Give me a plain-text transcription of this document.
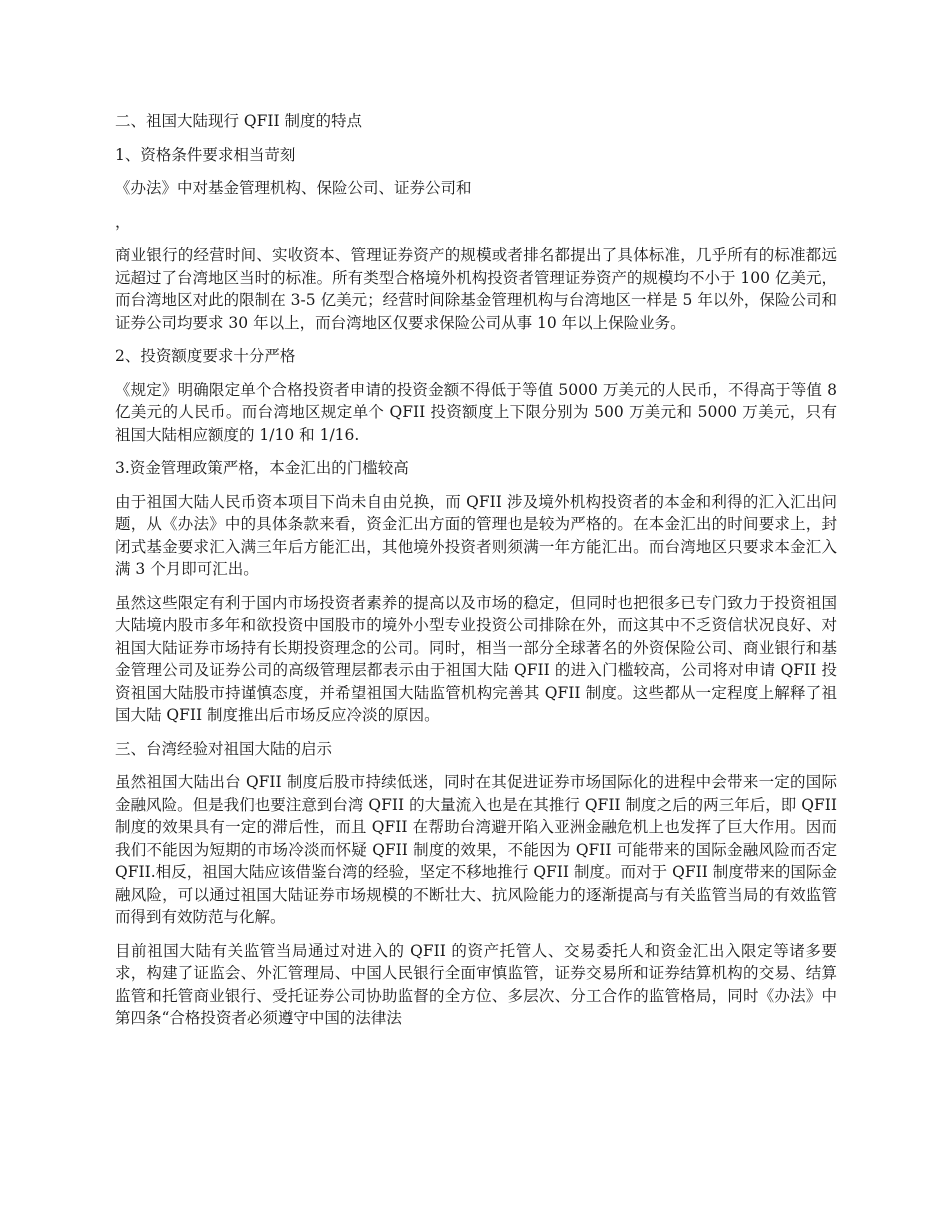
二、祖国大陆现行 QFII 制度的特点

1、资格条件要求相当苛刻

《办法》中对基金管理机构、保险公司、证券公司和

，

商业银行的经营时间、实收资本、管理证券资产的规模或者排名都提出了具体标准，几乎所有的标准都远远超过了台湾地区当时的标准。所有类型合格境外机构投资者管理证券资产的规模均不小于 100 亿美元，而台湾地区对此的限制在 3-5 亿美元；经营时间除基金管理机构与台湾地区一样是 5 年以外，保险公司和证券公司均要求 30 年以上，而台湾地区仅要求保险公司从事 10 年以上保险业务。

2、投资额度要求十分严格

《规定》明确限定单个合格投资者申请的投资金额不得低于等值 5000 万美元的人民币，不得高于等值 8 亿美元的人民币。而台湾地区规定单个 QFII 投资额度上下限分别为 500 万美元和 5000 万美元，只有祖国大陆相应额度的 1/10 和 1/16.

3.资金管理政策严格，本金汇出的门槛较高

由于祖国大陆人民币资本项目下尚未自由兑换，而 QFII 涉及境外机构投资者的本金和利得的汇入汇出问题，从《办法》中的具体条款来看，资金汇出方面的管理也是较为严格的。在本金汇出的时间要求上，封闭式基金要求汇入满三年后方能汇出，其他境外投资者则须满一年方能汇出。而台湾地区只要求本金汇入满 3 个月即可汇出。

虽然这些限定有利于国内市场投资者素养的提高以及市场的稳定，但同时也把很多已专门致力于投资祖国大陆境内股市多年和欲投资中国股市的境外小型专业投资公司排除在外，而这其中不乏资信状况良好、对祖国大陆证券市场持有长期投资理念的公司。同时，相当一部分全球著名的外资保险公司、商业银行和基金管理公司及证券公司的高级管理层都表示由于祖国大陆 QFII 的进入门槛较高，公司将对申请 QFII 投资祖国大陆股市持谨慎态度，并希望祖国大陆监管机构完善其 QFII 制度。这些都从一定程度上解释了祖国大陆 QFII 制度推出后市场反应冷淡的原因。

三、台湾经验对祖国大陆的启示

虽然祖国大陆出台 QFII 制度后股市持续低迷，同时在其促进证券市场国际化的进程中会带来一定的国际金融风险。但是我们也要注意到台湾 QFII 的大量流入也是在其推行 QFII 制度之后的两三年后，即 QFII 制度的效果具有一定的滞后性，而且 QFII 在帮助台湾避开陷入亚洲金融危机上也发挥了巨大作用。因而我们不能因为短期的市场冷淡而怀疑 QFII 制度的效果，不能因为 QFII 可能带来的国际金融风险而否定 QFII.相反，祖国大陆应该借鉴台湾的经验，坚定不移地推行 QFII 制度。而对于 QFII 制度带来的国际金融风险，可以通过祖国大陆证券市场规模的不断壮大、抗风险能力的逐渐提高与有关监管当局的有效监管而得到有效防范与化解。

目前祖国大陆有关监管当局通过对进入的 QFII 的资产托管人、交易委托人和资金汇出入限定等诸多要求，构建了证监会、外汇管理局、中国人民银行全面审慎监管，证券交易所和证券结算机构的交易、结算监管和托管商业银行、受托证券公司协助监督的全方位、多层次、分工合作的监管格局，同时《办法》中第四条“合格投资者必须遵守中国的法律法
